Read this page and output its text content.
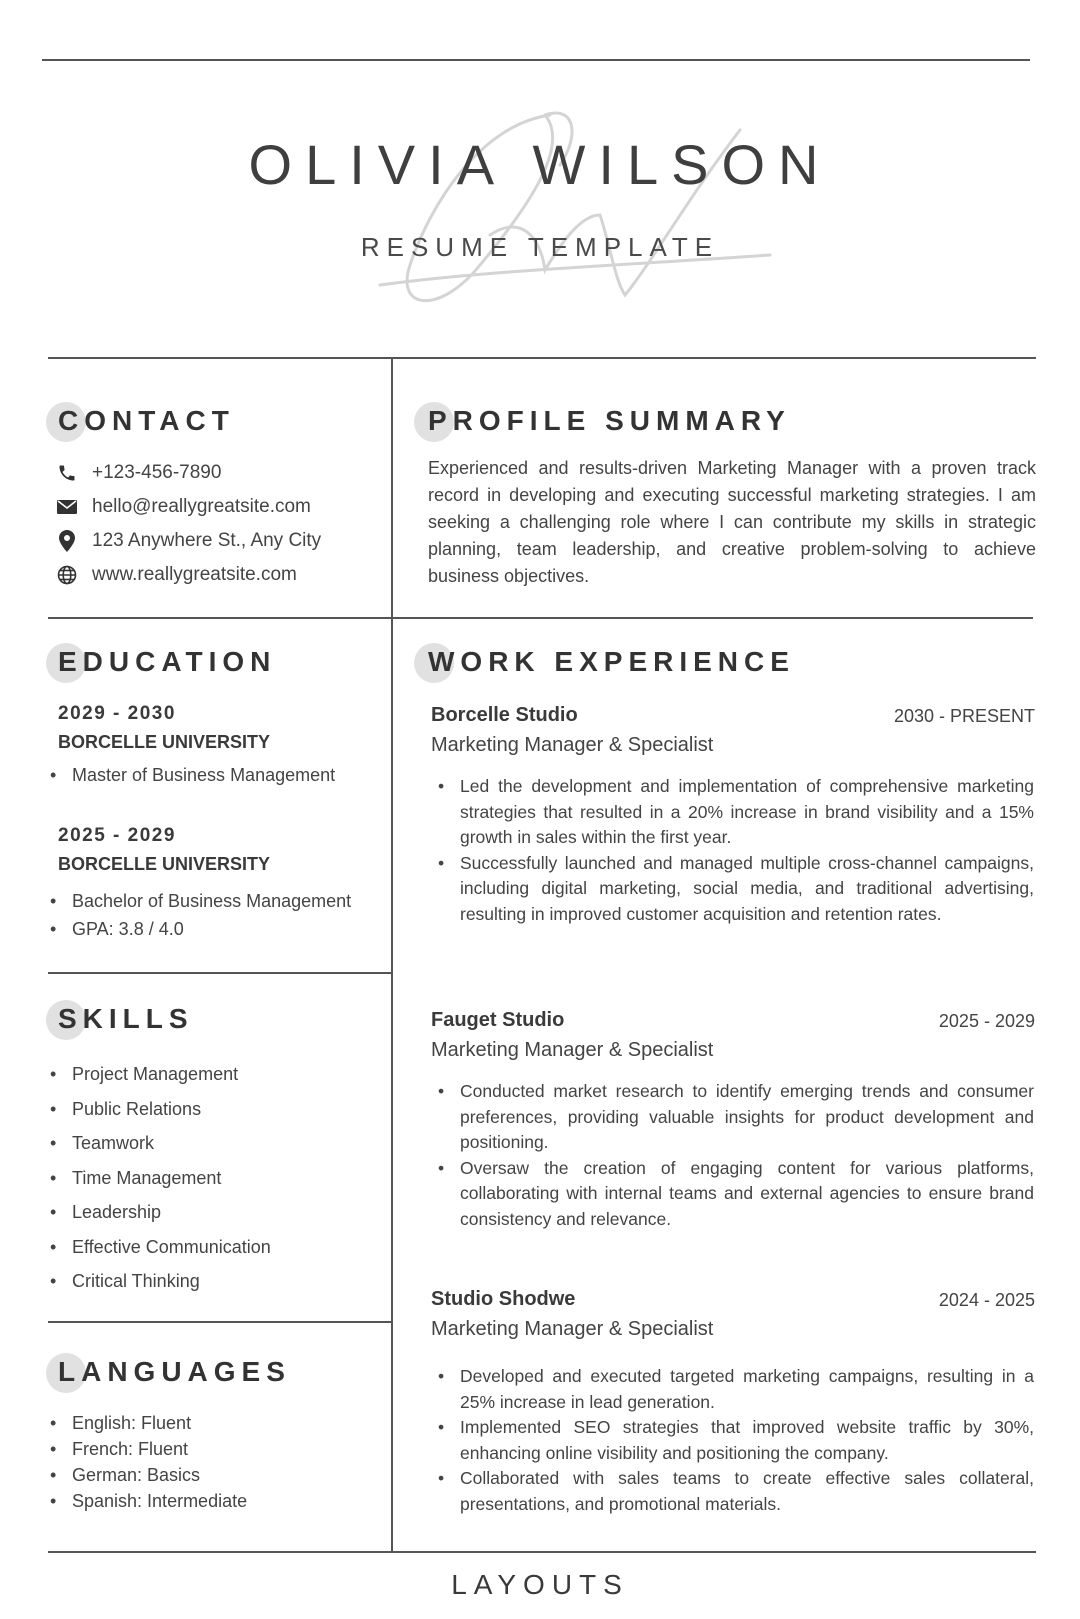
OLIVIA WILSON
RESUME TEMPLATE
CONTACT
+123-456-7890
hello@reallygreatsite.com
123 Anywhere St., Any City
www.reallygreatsite.com
PROFILE SUMMARY

Experienced and results-driven Marketing Manager with a proven track record in developing and executing successful marketing strategies. I am seeking a challenging role where I can contribute my skills in strategic planning, team leadership, and creative problem-solving to achieve business objectives.

EDUCATION
2029 - 2030
BORCELLE UNIVERSITY
• Master of Business Management
2025 - 2029
BORCELLE UNIVERSITY
• Bachelor of Business Management
• GPA: 3.8 / 4.0
SKILLS
• Project Management
• Public Relations
• Teamwork
• Time Management
• Leadership
• Effective Communication
• Critical Thinking
LANGUAGES
• English: Fluent
• French: Fluent
• German: Basics
• Spanish: Intermediate
WORK EXPERIENCE
Borcelle Studio	2030 - PRESENT
Marketing Manager & Specialist
• Led the development and implementation of comprehensive marketing strategies that resulted in a 20% increase in brand visibility and a 15% growth in sales within the first year.
• Successfully launched and managed multiple cross-channel campaigns, including digital marketing, social media, and traditional advertising, resulting in improved customer acquisition and retention rates.
Fauget Studio	2025 - 2029
Marketing Manager & Specialist
• Conducted market research to identify emerging trends and consumer preferences, providing valuable insights for product development and positioning.
• Oversaw the creation of engaging content for various platforms, collaborating with internal teams and external agencies to ensure brand consistency and relevance.
Studio Shodwe	2024 - 2025
Marketing Manager & Specialist
• Developed and executed targeted marketing campaigns, resulting in a 25% increase in lead generation.
• Implemented SEO strategies that improved website traffic by 30%, enhancing online visibility and positioning the company.
• Collaborated with sales teams to create effective sales collateral, presentations, and promotional materials.
LAYOUTS
